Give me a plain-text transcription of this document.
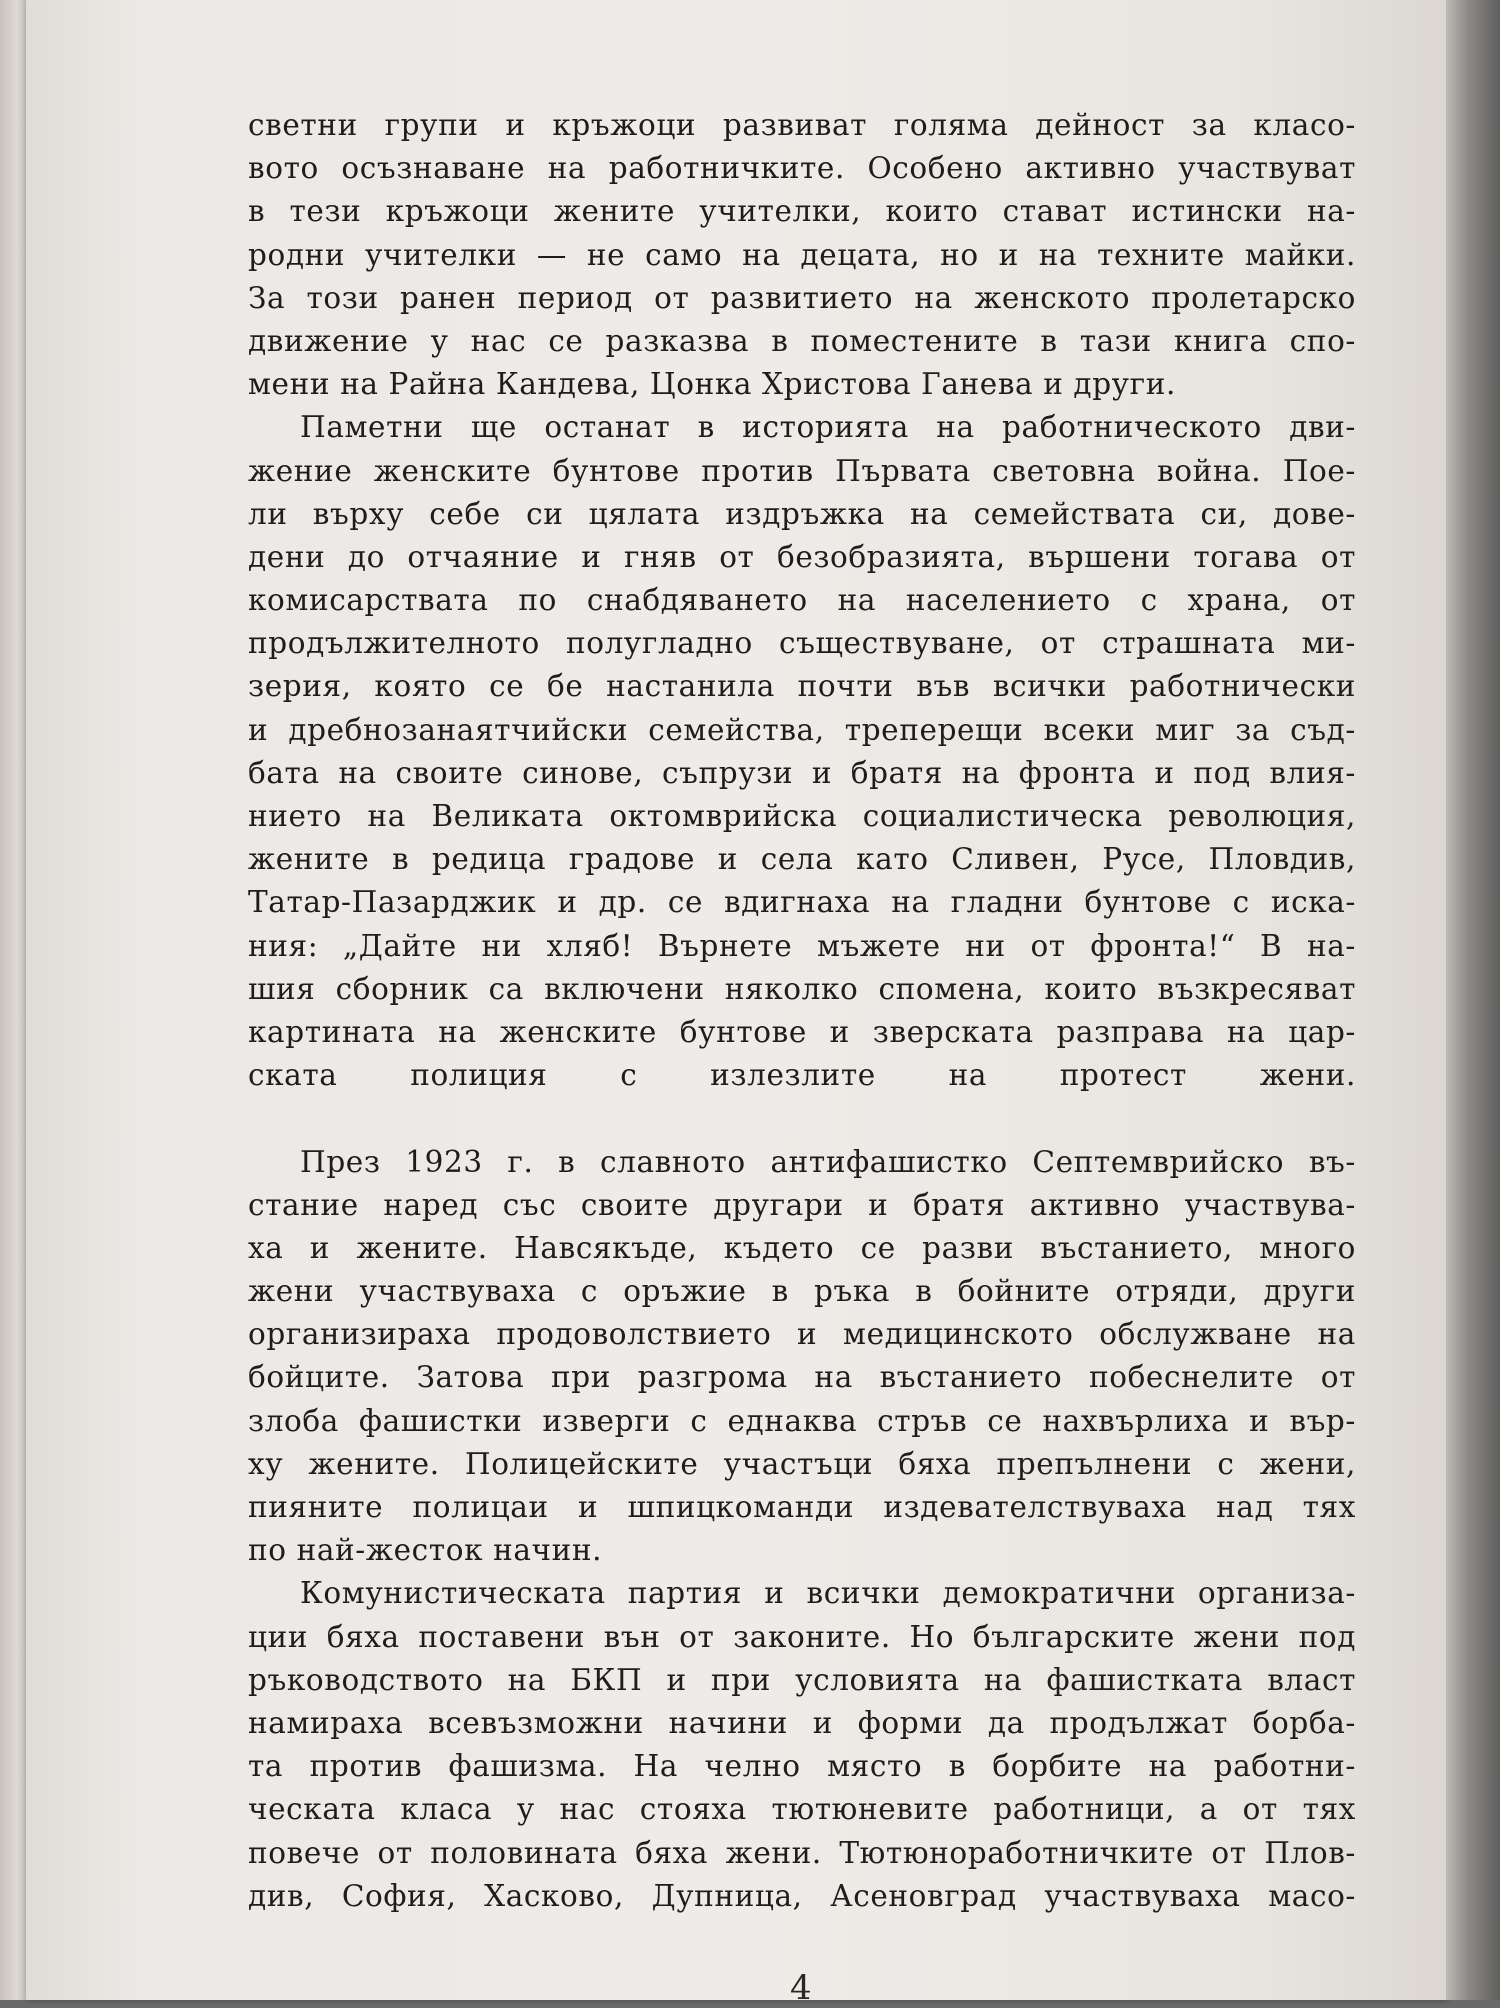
светни групи и кръжоци развиват голяма дейност за класо-
вото осъзнаване на работничките. Особено активно участвуват
в тези кръжоци жените учителки, които стават истински на-
родни учителки — не само на децата, но и на техните майки.
За този ранен период от развитието на женското пролетарско
движение у нас се разказва в поместените в тази книга спо-
мени на Райна Кандева, Цонка Христова Ганева и други.
Паметни ще останат в историята на работническото дви-
жение женските бунтове против Първата световна война. Пое-
ли върху себе си цялата издръжка на семействата си, дове-
дени до отчаяние и гняв от безобразията, вършени тогава от
комисарствата по снабдяването на населението с храна, от
продължителното полугладно съществуване, от страшната ми-
зерия, която се бе настанила почти във всички работнически
и дребнозанаятчийски семейства, треперещи всеки миг за съд-
бата на своите синове, съпрузи и братя на фронта и под влия-
нието на Великата октомврийска социалистическа революция,
жените в редица градове и села като Сливен, Русе, Пловдив,
Татар-Пазарджик и др. се вдигнаха на гладни бунтове с иска-
ния: „Дайте ни хляб! Върнете мъжете ни от фронта!“ В на-
шия сборник са включени няколко спомена, които възкресяват
картината на женските бунтове и зверската разправа на цар-
ската полиция с излезлите на протест жени.
През 1923 г. в славното антифашистко Септемврийско въ-
стание наред със своите другари и братя активно участвува-
ха и жените. Навсякъде, където се разви въстанието, много
жени участвуваха с оръжие в ръка в бойните отряди, други
организираха продоволствието и медицинското обслужване на
бойците. Затова при разгрома на въстанието побеснелите от
злоба фашистки изверги с еднаква стръв се нахвърлиха и вър-
ху жените. Полицейските участъци бяха препълнени с жени,
пияните полицаи и шпицкоманди издевателствуваха над тях
по най-жесток начин.
Комунистическата партия и всички демократични организа-
ции бяха поставени вън от законите. Но българските жени под
ръководството на БКП и при условията на фашистката власт
намираха всевъзможни начини и форми да продължат борба-
та против фашизма. На челно място в борбите на работни-
ческата класа у нас стояха тютюневите работници, а от тях
повече от половината бяха жени. Тютюноработничките от Плов-
див, София, Хасково, Дупница, Асеновград участвуваха масо-
4
